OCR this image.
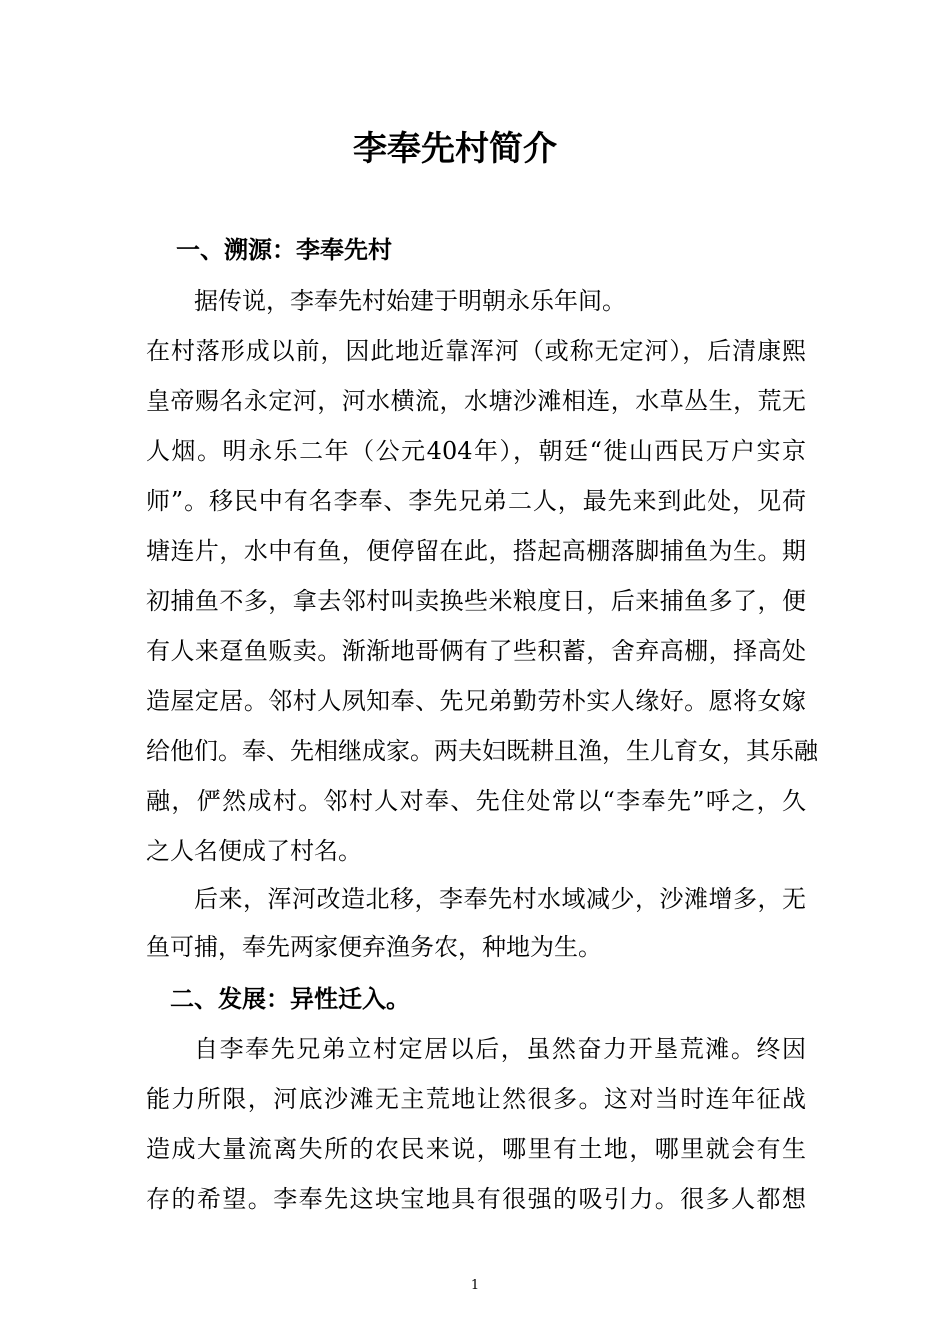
李奉先村简介
一、溯源：李奉先村
据传说，李奉先村始建于明朝永乐年间。
在村落形成以前，因此地近靠浑河（或称无定河），后清康熙
皇帝赐名永定河，河水横流，水塘沙滩相连，水草丛生，荒无
人烟。明永乐二年（公元404年），朝廷“徙山西民万户实京
师”。移民中有名李奉、李先兄弟二人，最先来到此处，见荷
塘连片，水中有鱼，便停留在此，搭起高棚落脚捕鱼为生。期
初捕鱼不多，拿去邻村叫卖换些米粮度日，后来捕鱼多了，便
有人来趸鱼贩卖。渐渐地哥俩有了些积蓄，舍弃高棚，择高处
造屋定居。邻村人夙知奉、先兄弟勤劳朴实人缘好。愿将女嫁
给他们。奉、先相继成家。两夫妇既耕且渔，生儿育女，其乐融
融，俨然成村。邻村人对奉、先住处常以“李奉先”呼之，久
之人名便成了村名。
后来，浑河改造北移，李奉先村水域减少，沙滩增多，无
鱼可捕，奉先两家便弃渔务农，种地为生。
二、发展：异性迁入。
自李奉先兄弟立村定居以后，虽然奋力开垦荒滩。终因
能力所限，河底沙滩无主荒地让然很多。这对当时连年征战
造成大量流离失所的农民来说，哪里有土地，哪里就会有生
存的希望。李奉先这块宝地具有很强的吸引力。很多人都想
1
